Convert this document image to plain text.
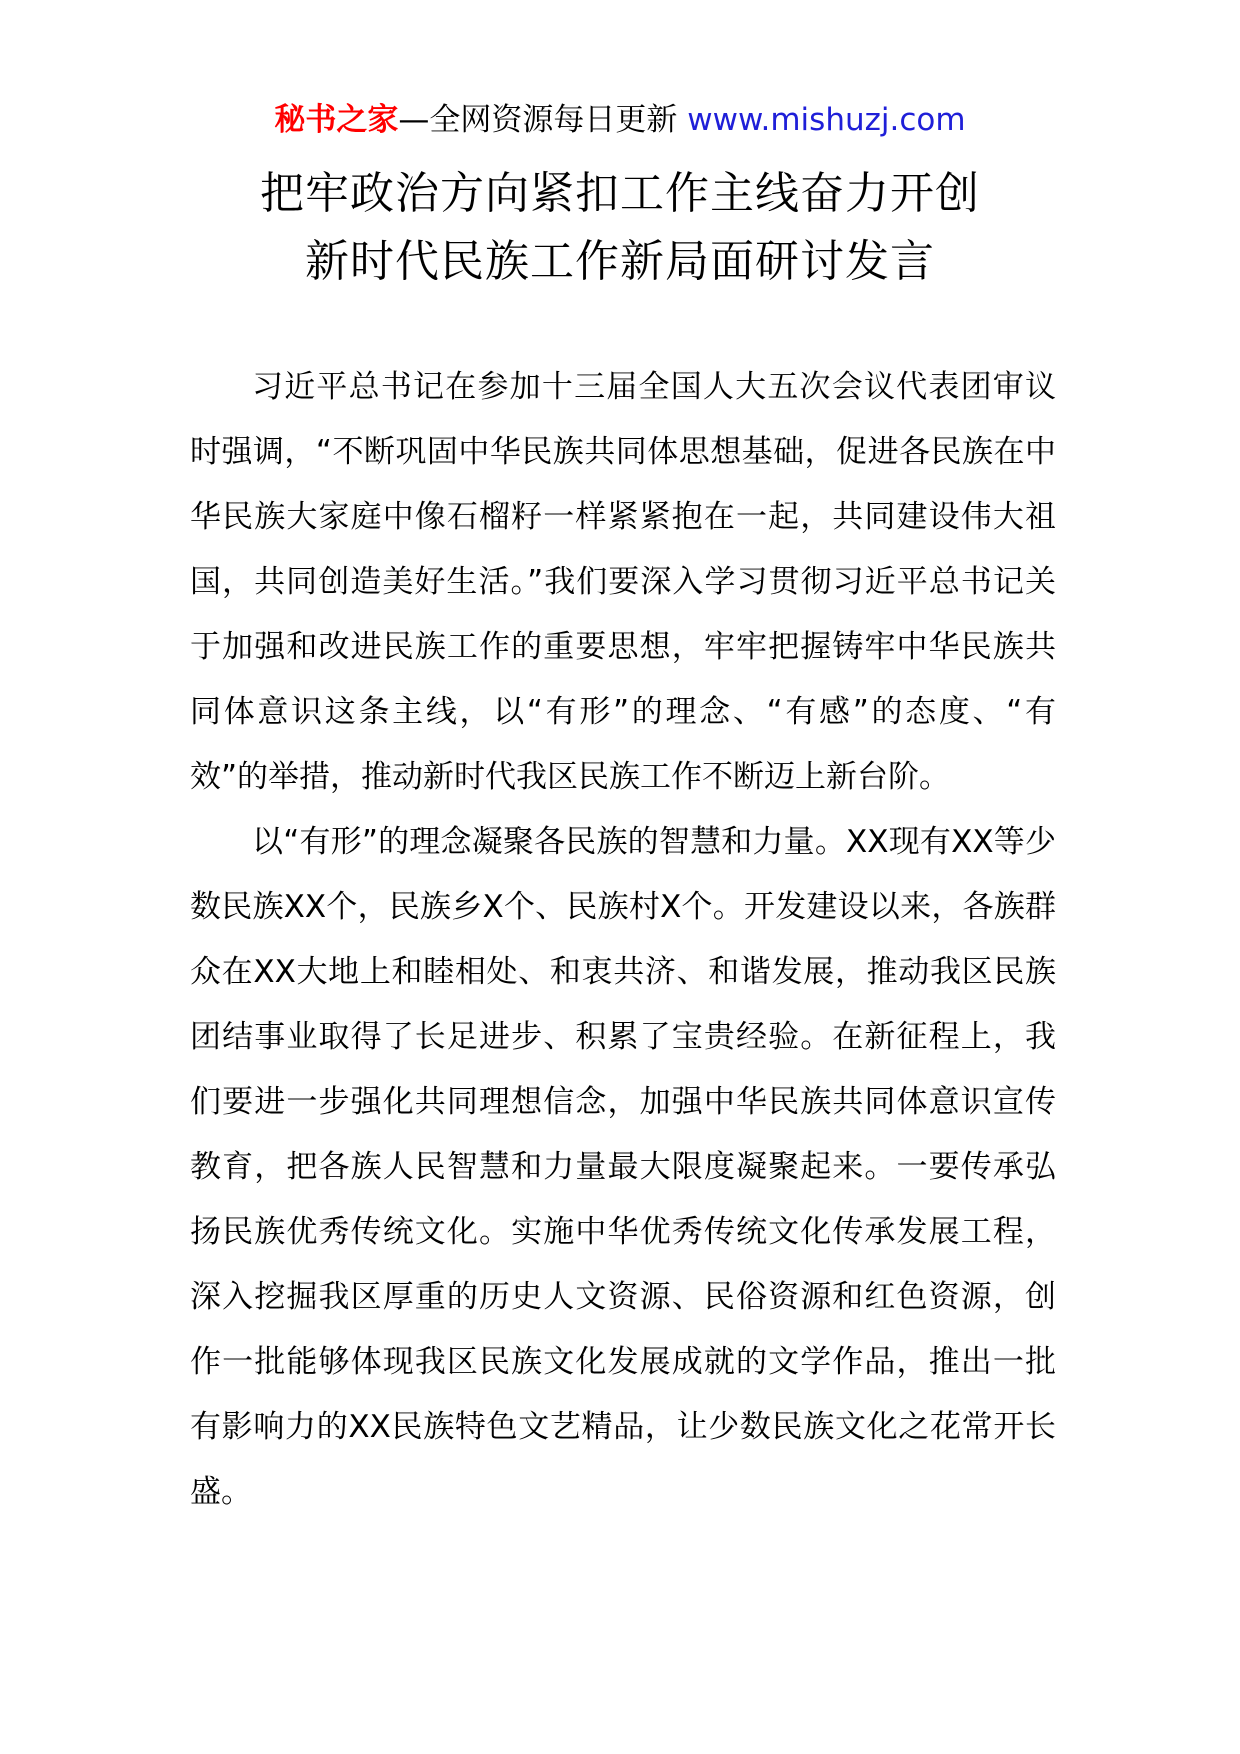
秘书之家—全网资源每日更新 www.mishuzj.com
把牢政治方向紧扣工作主线奋力开创
新时代民族工作新局面研讨发言

习近平总书记在参加十三届全国人大五次会议代表团审议时强调，“不断巩固中华民族共同体思想基础，促进各民族在中华民族大家庭中像石榴籽一样紧紧抱在一起，共同建设伟大祖国，共同创造美好生活。”我们要深入学习贯彻习近平总书记关于加强和改进民族工作的重要思想，牢牢把握铸牢中华民族共同体意识这条主线，以“有形”的理念、“有感”的态度、“有效”的举措，推动新时代我区民族工作不断迈上新台阶。

以“有形”的理念凝聚各民族的智慧和力量。XX现有XX等少数民族XX个，民族乡X个、民族村X个。开发建设以来，各族群众在XX大地上和睦相处、和衷共济、和谐发展，推动我区民族团结事业取得了长足进步、积累了宝贵经验。在新征程上，我们要进一步强化共同理想信念，加强中华民族共同体意识宣传教育，把各族人民智慧和力量最大限度凝聚起来。一要传承弘扬民族优秀传统文化。实施中华优秀传统文化传承发展工程，深入挖掘我区厚重的历史人文资源、民俗资源和红色资源，创作一批能够体现我区民族文化发展成就的文学作品，推出一批有影响力的XX民族特色文艺精品，让少数民族文化之花常开长盛。
